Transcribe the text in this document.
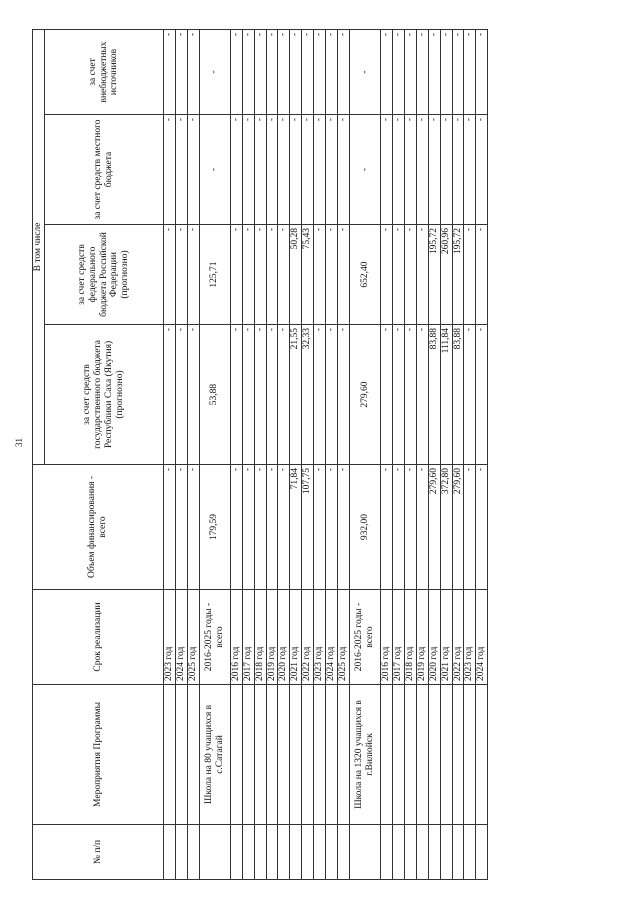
31
№ п/п	Мероприятия Программы	Срок реализации	Объем финансирования - всего	В том числе			
				за счет средств государственного бюджета Республики Саха (Якутия) (прогнозно)	за счет средств федерального бюджета Российской Федерации (прогнозно)	за счет средств местного бюджета	за счет внебюджетных источников
		2023 год	-	-	-	-	-
		2024 год	-	-	-	-	-
		2025 год	-	-	-	-	-
	Школа на 80 учащихся в с.Сатагай	2016-2025 годы - всего	179,59	53,88	125,71	-	-
		2016 год	-	-	-	-	-
		2017 год	-	-	-	-	-
		2018 год	-	-	-	-	-
		2019 год	-	-	-	-	-
		2020 год	-	-	-	-	-
		2021 год	71,84	21,55	50,28	-	-
		2022 год	107,75	32,33	75,43	-	-
		2023 год	-	-	-	-	-
		2024 год	-	-	-	-	-
		2025 год	-	-	-	-	-
	Школа на 1320 учащихся в г.Вилюйск	2016-2025 годы - всего	932,00	279,60	652,40	-	-
		2016 год	-	-	-	-	-
		2017 год	-	-	-	-	-
		2018 год	-	-	-	-	-
		2019 год	-	-	-	-	-
		2020 год	279,60	83,88	195,72	-	-
		2021 год	372,80	111,84	260,96	-	-
		2022 год	279,60	83,88	195,72	-	-
		2023 год	-	-	-	-	-
		2024 год	-	-	-	-	-
